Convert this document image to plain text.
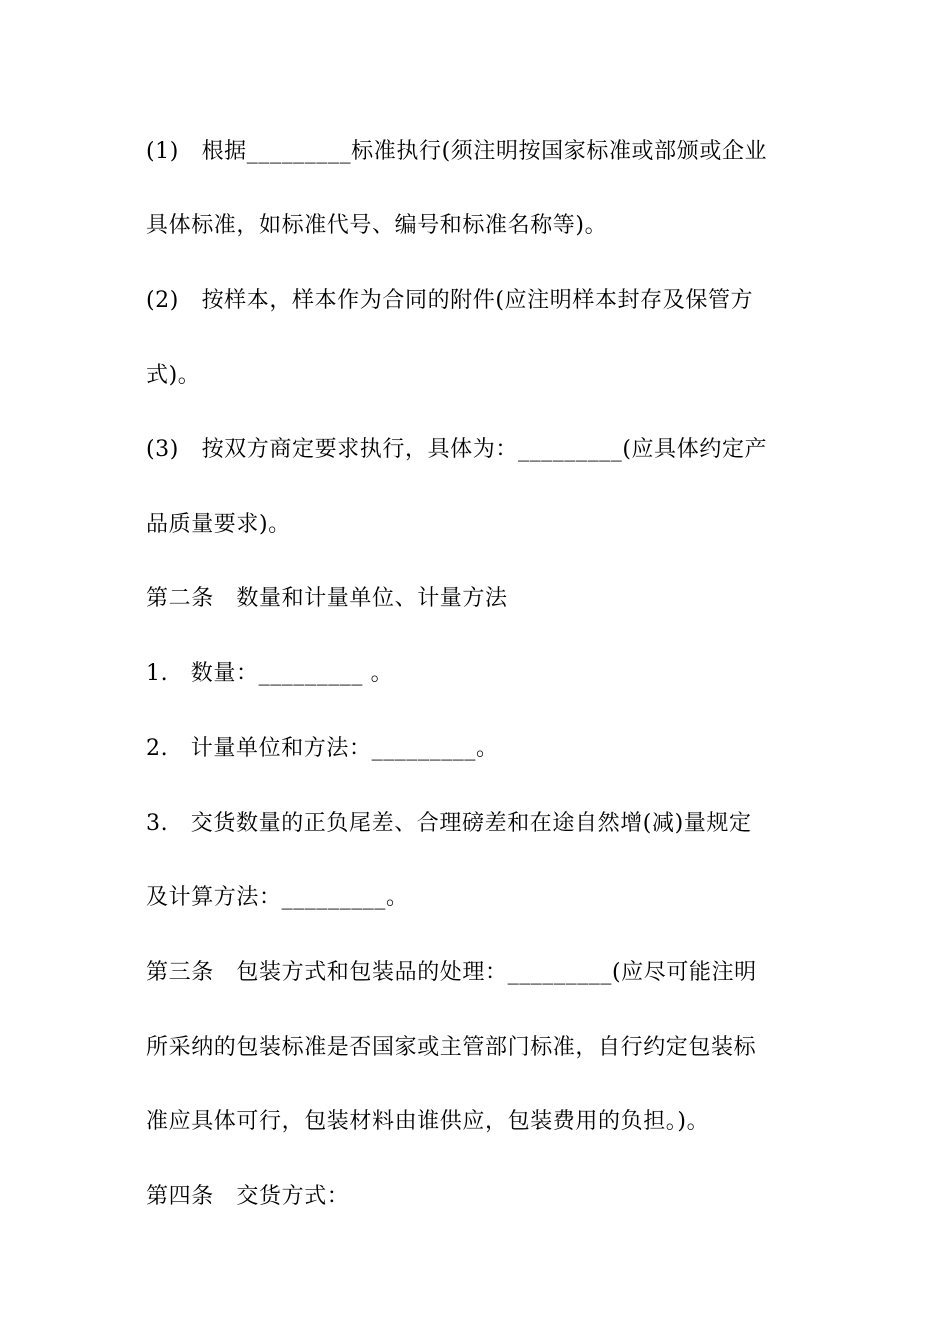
(1)　根据_________标准执行(须注明按国家标准或部颁或企业
具体标准，如标准代号、编号和标准名称等)。
(2)　按样本，样本作为合同的附件(应注明样本封存及保管方
式)。
(3)　按双方商定要求执行，具体为：_________(应具体约定产
品质量要求)。
第二条　数量和计量单位、计量方法
1.　数量：_________ 。
2.　计量单位和方法：_________。
3.　交货数量的正负尾差、合理磅差和在途自然增(减)量规定
及计算方法：_________。
第三条　包装方式和包装品的处理：_________(应尽可能注明
所采纳的包装标准是否国家或主管部门标准，自行约定包装标
准应具体可行，包装材料由谁供应，包装费用的负担。)。
第四条　交货方式：
